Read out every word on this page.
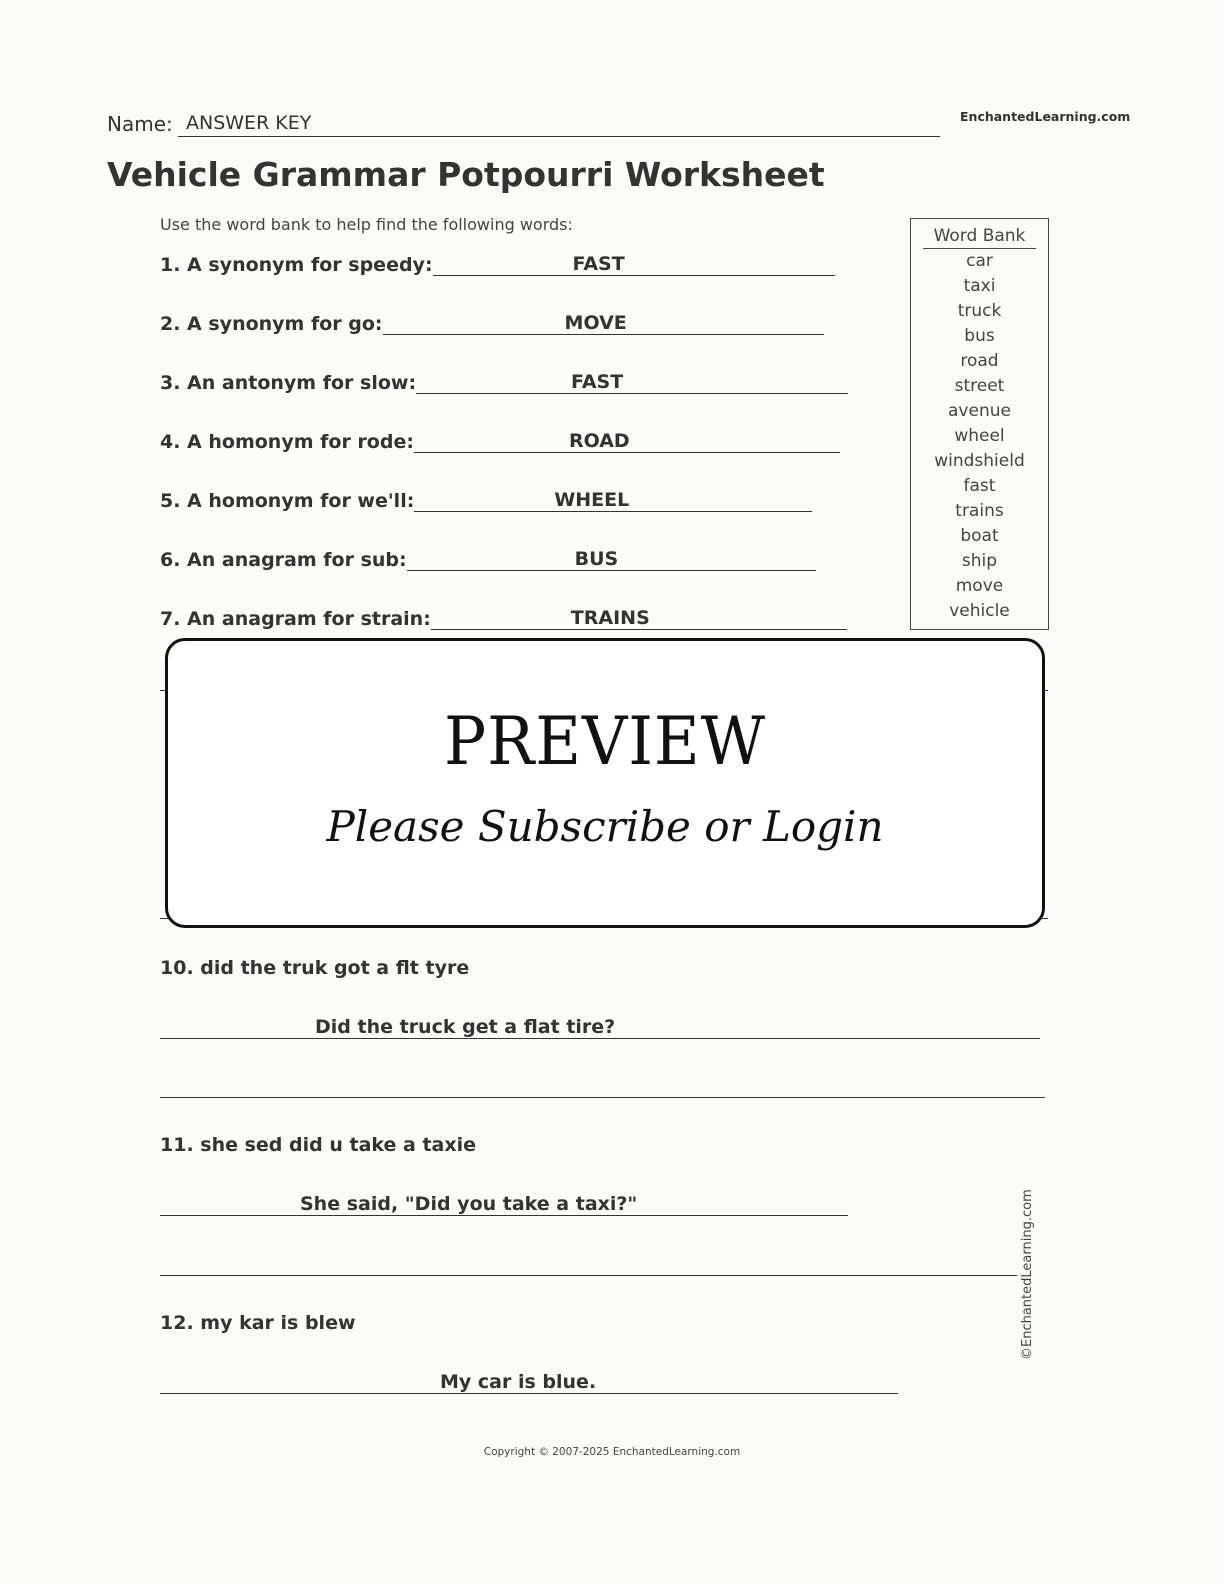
Name: ANSWER KEY	EnchantedLearning.com
Vehicle Grammar Potpourri Worksheet
Use the word bank to help find the following words:
1. A synonym for speedy:	FAST
2. A synonym for go:	MOVE
3. An antonym for slow:	FAST
4. A homonym for rode:	ROAD
5. A homonym for we'll:	WHEEL
6. An anagram for sub:	BUS
7. An anagram for strain:	TRAINS
Word Bank
car
taxi
truck
bus
road
street
avenue
wheel
windshield
fast
trains
boat
ship
move
vehicle
PREVIEW
Please Subscribe or Login
10. did the truk got a flt tyre
Did the truck get a flat tire?
11. she sed did u take a taxie
She said, "Did you take a taxi?"
12. my kar is blew
My car is blue.
©EnchantedLearning.com
Copyright © 2007-2025 EnchantedLearning.com
